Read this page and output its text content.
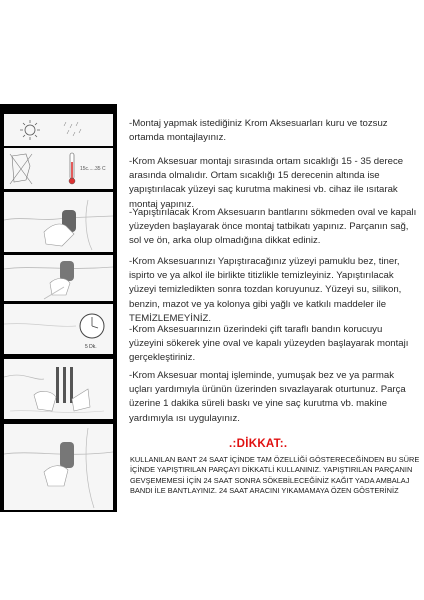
15c.....35 C
5 Dk.

-Montaj yapmak istediğiniz Krom Aksesuarları kuru ve tozsuz ortamda montajlayınız.

-Krom Aksesuar montajı sırasında ortam sıcaklığı 15 - 35 derece arasında olmalıdır. Ortam sıcaklığı 15 derecenin altında ise yapıştırılacak yüzeyi saç kurutma makinesi vb. cihaz ile ısıtarak montaj yapınız.

-Yapıştırılacak Krom Aksesuarın bantlarını sökmeden oval ve kapalı yüzeyden başlayarak önce montaj tatbikatı yapınız. Parçanın sağ, sol ve ön, arka olup olmadığına dikkat ediniz.

-Krom Aksesuarınızı Yapıştıracağınız yüzeyi pamuklu bez, tiner, ispirto ve ya alkol ile birlikte titizlikle temizleyiniz. Yapıştırılacak yüzeyi temizledikten sonra tozdan koruyunuz. Yüzeyi su, silikon, benzin, mazot ve ya kolonya gibi yağlı ve katkılı maddeler ile TEMİZLEMEYİNİZ.

-Krom Aksesuarınızın üzerindeki çift taraflı bandın korucuyu yüzeyini sökerek yine oval ve kapalı yüzeyden başlayarak montajı gerçekleştiriniz.

-Krom Aksesuar montaj işleminde, yumuşak bez ve ya parmak uçları yardımıyla ürünün üzerinden sıvazlayarak oturtunuz. Parça üzerine 1 dakika süreli baskı ve yine saç kurutma vb. makine yardımıyla ısı uygulayınız.

.:DİKKAT:.

KULLANILAN BANT 24 SAAT İÇİNDE TAM ÖZELLİĞİ GÖSTERECEĞİNDEN BU SÜRE İÇİNDE YAPIŞTIRILAN PARÇAYI DİKKATLİ KULLANINIZ. YAPIŞTIRILAN PARÇANIN GEVŞEMEMESİ İÇİN 24 SAAT SONRA SÖKEBİLECEĞİNİZ KAĞIT YADA AMBALAJ BANDI İLE BANTLAYINIZ. 24 SAAT ARACINI YIKAMAMAYA ÖZEN GÖSTERİNİZ
